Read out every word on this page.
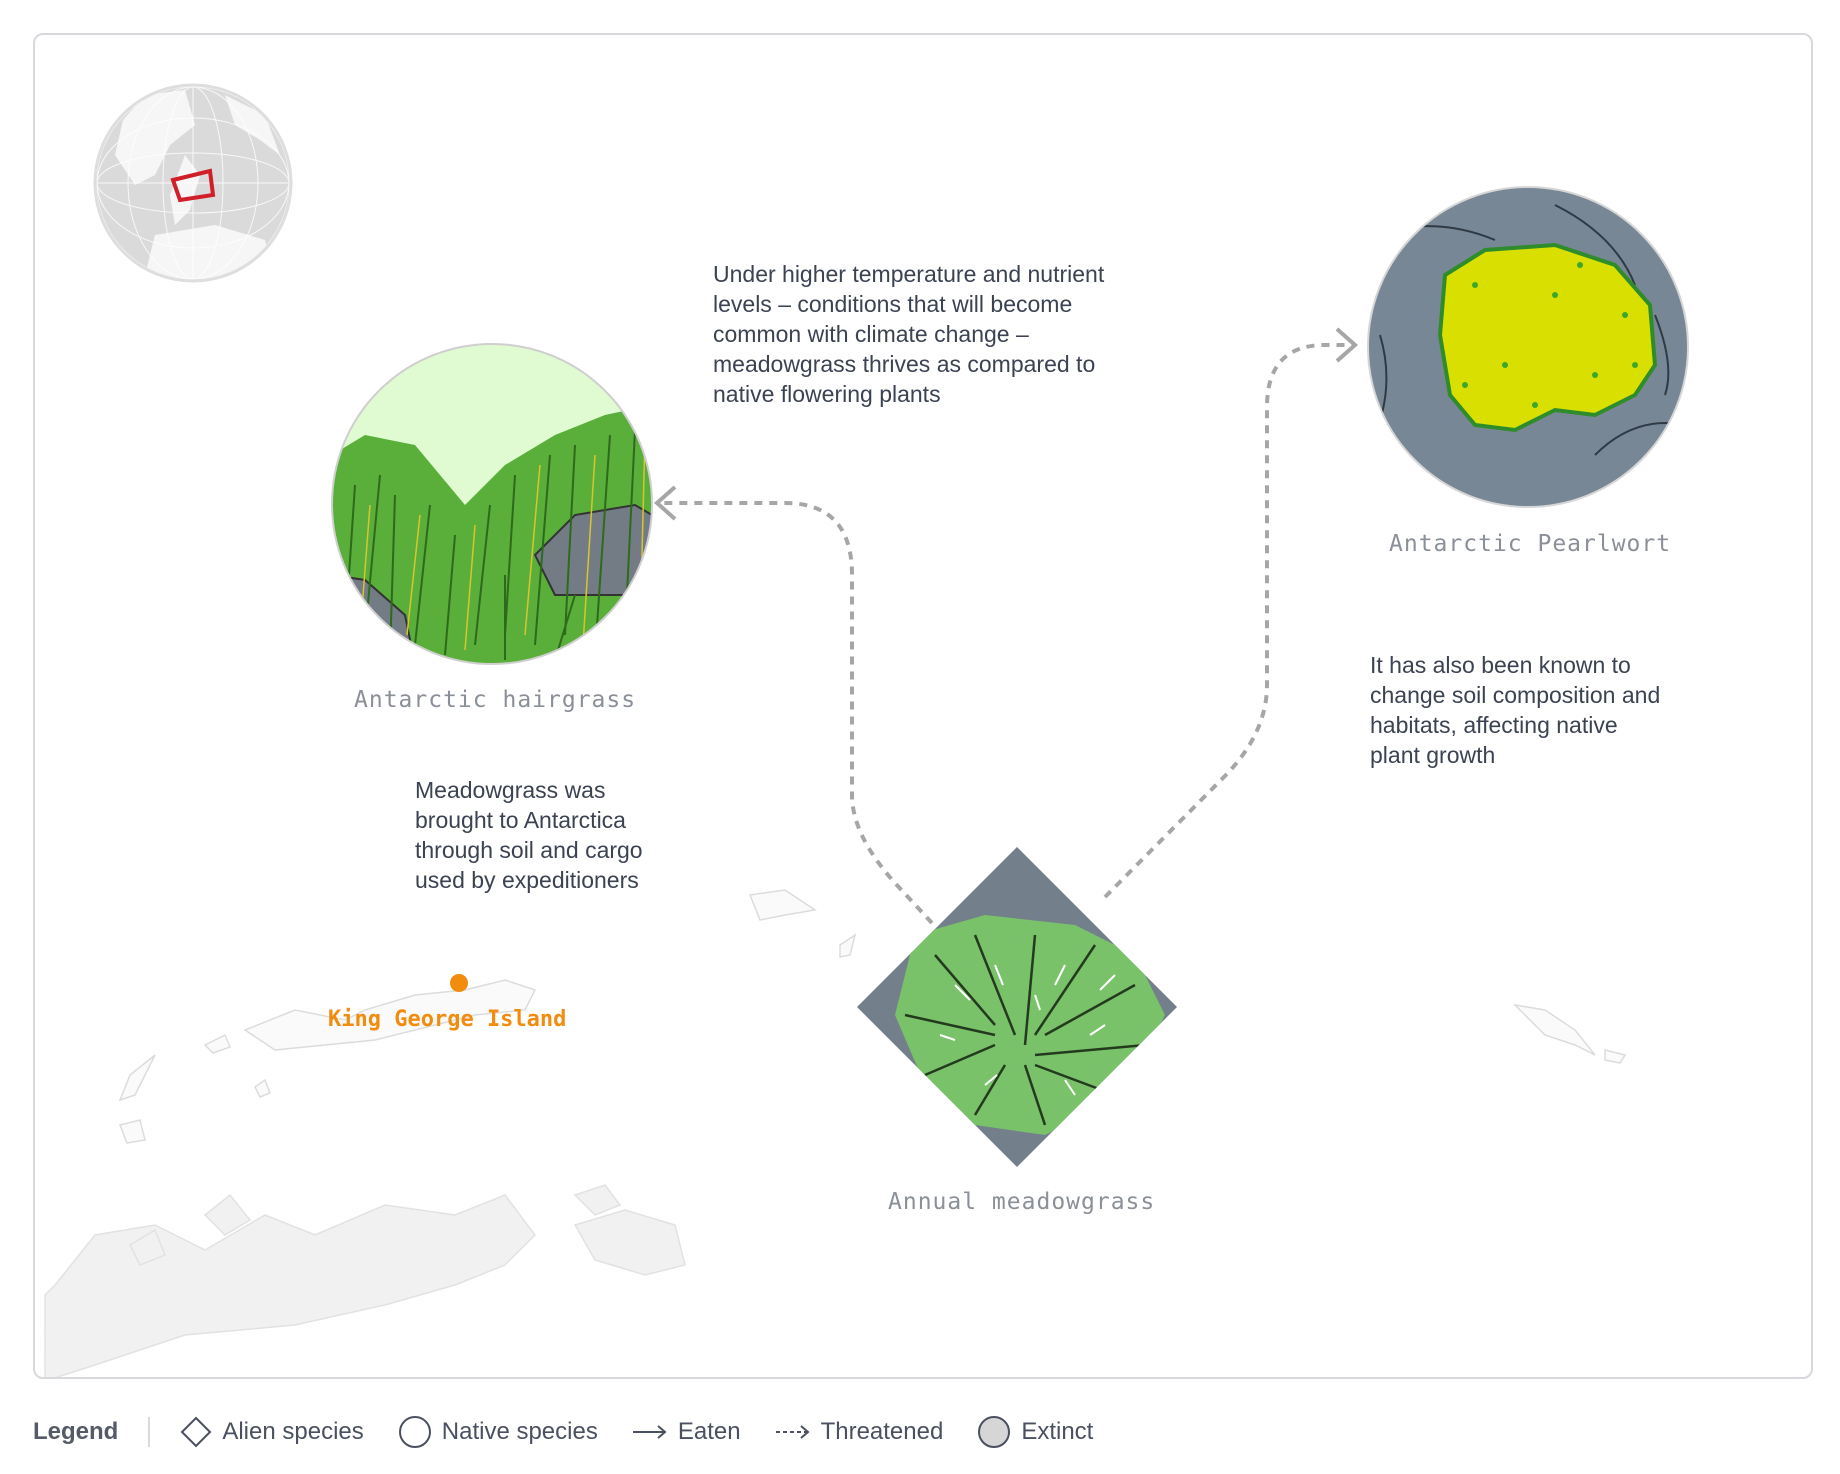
Under higher temperature and nutrient levels – conditions that will become common with climate change – meadowgrass thrives as compared to native flowering plants
It has also been known to change soil composition and habitats, affecting native plant growth
Meadowgrass was brought to Antarctica through soil and cargo used by expeditioners
Antarctic hairgrass
Antarctic Pearlwort
Annual meadowgrass
King George Island
Legend	Alien species	Native species	Eaten	Threatened	Extinct
